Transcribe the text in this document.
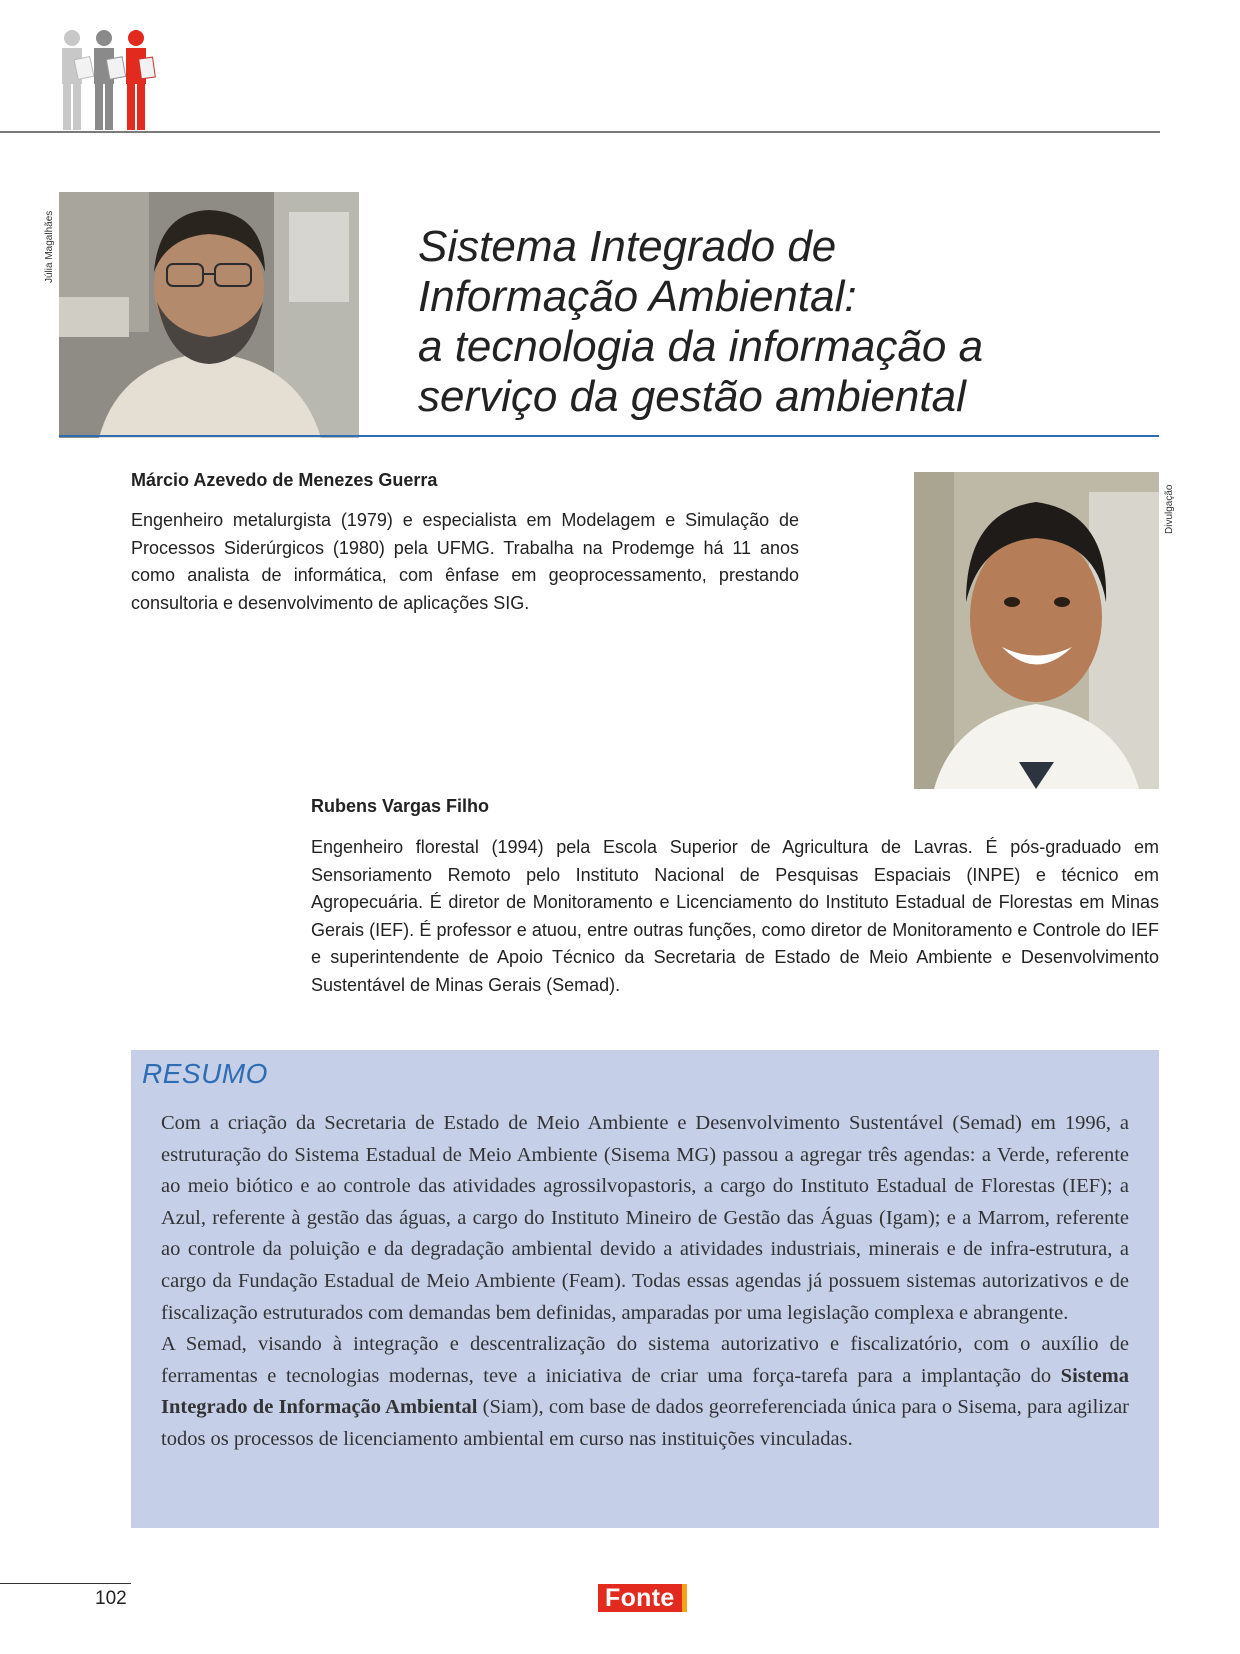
Júlia Magalhães	Sistema Integrado de
Informação Ambiental:
a tecnologia da informação a
serviço da gestão ambiental
Márcio Azevedo de Menezes Guerra
Engenheiro metalurgista (1979) e especialista em Modelagem e Simulação de Processos Siderúrgicos (1980) pela UFMG. Trabalha na Prodemge há 11 anos como analista de informática, com ênfase em geoprocessamento, prestando consultoria e desenvolvimento de aplicações SIG.
Divulgação
Rubens Vargas Filho
Engenheiro florestal (1994) pela Escola Superior de Agricultura de Lavras. É pós-graduado em Sensoriamento Remoto pelo Instituto Nacional de Pesquisas Espaciais (INPE) e técnico em Agropecuária. É diretor de Monitoramento e Licenciamento do Instituto Estadual de Florestas em Minas Gerais (IEF). É professor e atuou, entre outras funções, como diretor de Monitoramento e Controle do IEF e superintendente de Apoio Técnico da Secretaria de Estado de Meio Ambiente e Desenvolvimento Sustentável de Minas Gerais (Semad).
RESUMO

Com a criação da Secretaria de Estado de Meio Ambiente e Desenvolvimento Sustentável (Semad) em 1996, a estruturação do Sistema Estadual de Meio Ambiente (Sisema MG) passou a agregar três agendas: a Verde, referente ao meio biótico e ao controle das atividades agrossilvopastoris, a cargo do Instituto Estadual de Florestas (IEF); a Azul, referente à gestão das águas, a cargo do Instituto Mineiro de Gestão das Águas (Igam); e a Marrom, referente ao controle da poluição e da degradação ambiental devido a atividades industriais, minerais e de infra-estrutura, a cargo da Fundação Estadual de Meio Ambiente (Feam). Todas essas agendas já possuem sistemas autorizativos e de fiscalização estruturados com demandas bem definidas, amparadas por uma legislação complexa e abrangente.

A Semad, visando à integração e descentralização do sistema autorizativo e fiscalizatório, com o auxílio de ferramentas e tecnologias modernas, teve a iniciativa de criar uma força-tarefa para a implantação do Sistema Integrado de Informação Ambiental (Siam), com base de dados georreferenciada única para o Sisema, para agilizar todos os processos de licenciamento ambiental em curso nas instituições vinculadas.

102	Fonte
